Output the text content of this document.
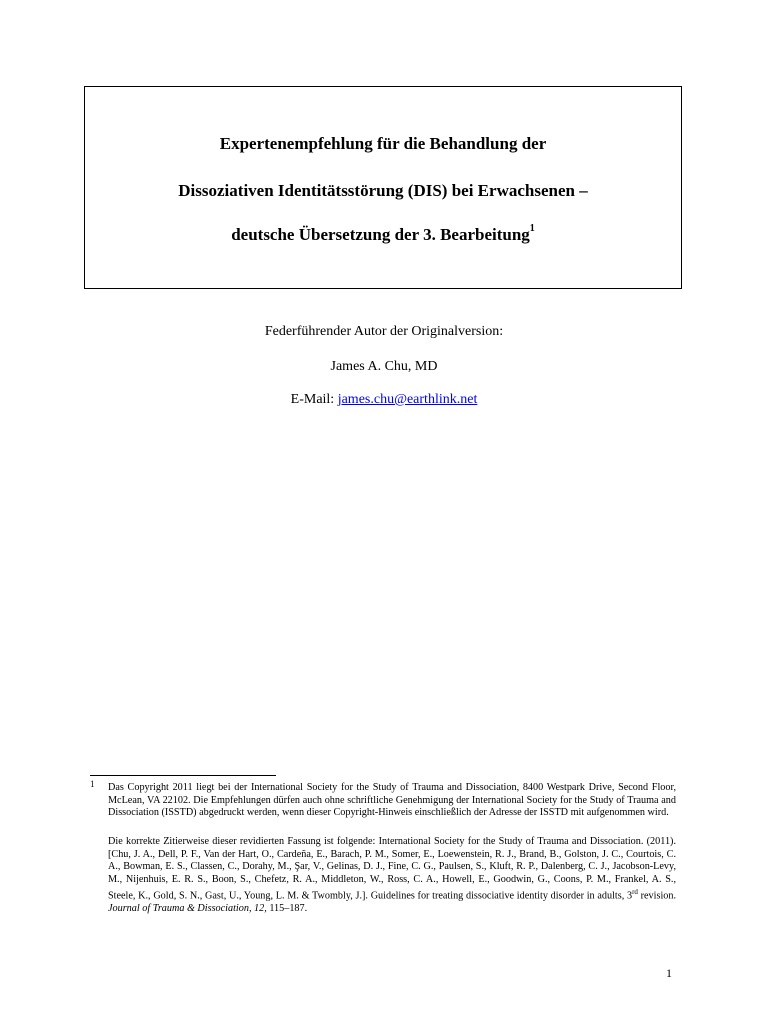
Expertenempfehlung für die Behandlung der
Dissoziativen Identitätsstörung (DIS) bei Erwachsenen –
deutsche Übersetzung der 3. Bearbeitung$^1$
Federführender Autor der Originalversion:
James A. Chu, MD
E-Mail: james.chu@earthlink.net
1 Das Copyright 2011 liegt bei der International Society for the Study of Trauma and Dissociation, 8400 Westpark Drive, Second Floor, McLean, VA 22102. Die Empfehlungen dürfen auch ohne schriftliche Genehmigung der International Society for the Study of Trauma and Dissociation (ISSTD) abgedruckt werden, wenn dieser Copyright-Hinweis einschließlich der Adresse der ISSTD mit aufgenommen wird.

Die korrekte Zitierweise dieser revidierten Fassung ist folgende: International Society for the Study of Trauma and Dissociation. (2011). [Chu, J. A., Dell, P. F., Van der Hart, O., Cardeña, E., Barach, P. M., Somer, E., Loewenstein, R. J., Brand, B., Golston, J. C., Courtois, C. A., Bowman, E. S., Classen, C., Dorahy, M., Şar, V., Gelinas, D. J., Fine, C. G., Paulsen, S., Kluft, R. P., Dalenberg, C. J., Jacobson-Levy, M., Nijenhuis, E. R. S., Boon, S., Chefetz, R. A., Middleton, W., Ross, C. A., Howell, E., Goodwin, G., Coons, P. M., Frankel, A. S., Steele, K., Gold, S. N., Gast, U., Young, L. M. & Twombly, J.]. Guidelines for treating dissociative identity disorder in adults, 3rd revision. Journal of Trauma & Dissociation, 12, 115–187.

1
